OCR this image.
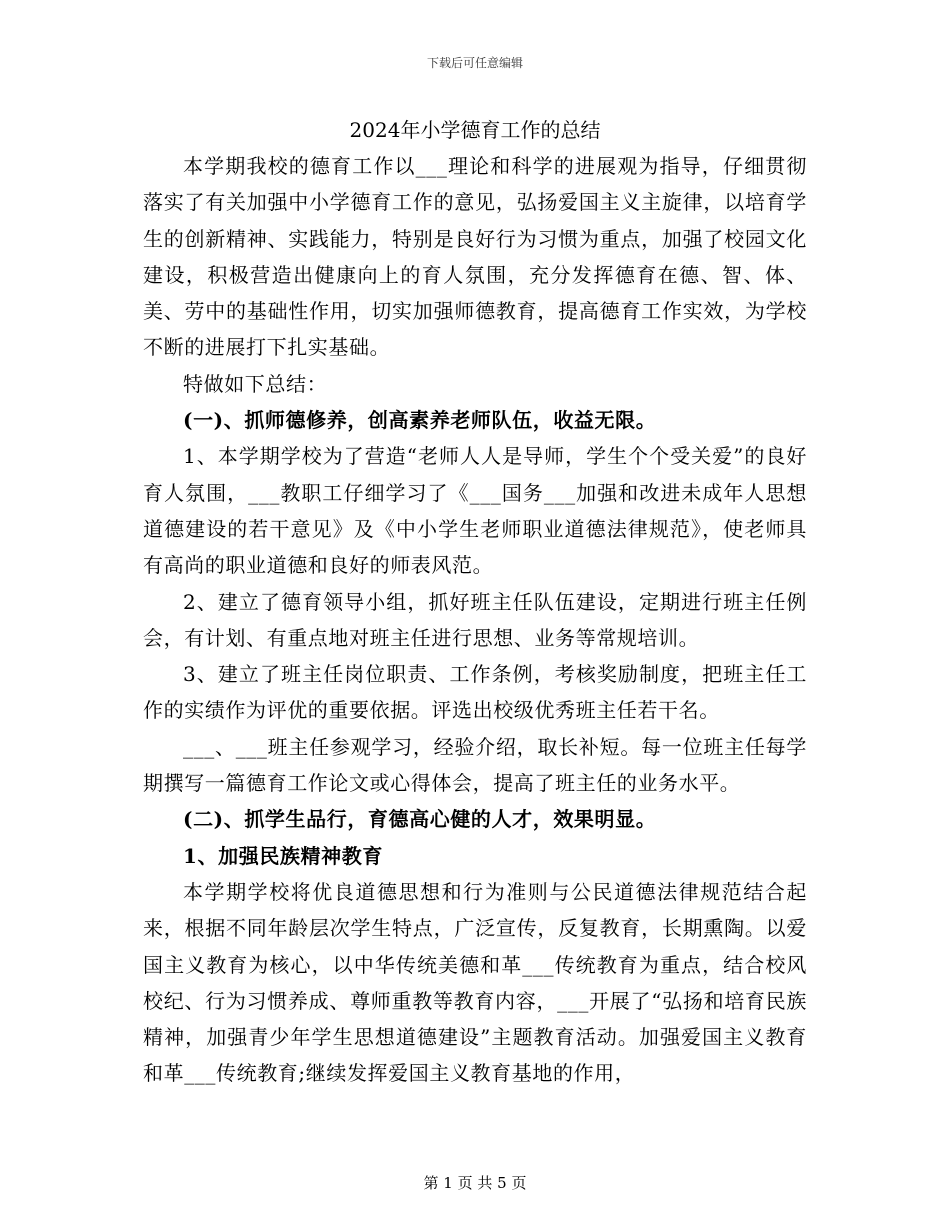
下载后可任意编辑
2024年小学德育工作的总结

本学期我校的德育工作以___理论和科学的进展观为指导，仔细贯彻落实了有关加强中小学德育工作的意见，弘扬爱国主义主旋律，以培育学生的创新精神、实践能力，特别是良好行为习惯为重点，加强了校园文化建设，积极营造出健康向上的育人氛围，充分发挥德育在德、智、体、美、劳中的基础性作用，切实加强师德教育，提高德育工作实效，为学校不断的进展打下扎实基础。

特做如下总结：

(一)、抓师德修养，创高素养老师队伍，收益无限。

1、本学期学校为了营造“老师人人是导师，学生个个受关爱”的良好育人氛围，___教职工仔细学习了《___国务___加强和改进未成年人思想道德建设的若干意见》及《中小学生老师职业道德法律规范》，使老师具有高尚的职业道德和良好的师表风范。

2、建立了德育领导小组，抓好班主任队伍建设，定期进行班主任例会，有计划、有重点地对班主任进行思想、业务等常规培训。

3、建立了班主任岗位职责、工作条例，考核奖励制度，把班主任工作的实绩作为评优的重要依据。评选出校级优秀班主任若干名。

___、___班主任参观学习，经验介绍，取长补短。每一位班主任每学期撰写一篇德育工作论文或心得体会，提高了班主任的业务水平。

(二)、抓学生品行，育德高心健的人才，效果明显。

1、加强民族精神教育

本学期学校将优良道德思想和行为准则与公民道德法律规范结合起来，根据不同年龄层次学生特点，广泛宣传，反复教育，长期熏陶。以爱国主义教育为核心，以中华传统美德和革___传统教育为重点，结合校风校纪、行为习惯养成、尊师重教等教育内容，___开展了“弘扬和培育民族精神，加强青少年学生思想道德建设”主题教育活动。加强爱国主义教育和革___传统教育;继续发挥爱国主义教育基地的作用，

第 1 页 共 5 页
